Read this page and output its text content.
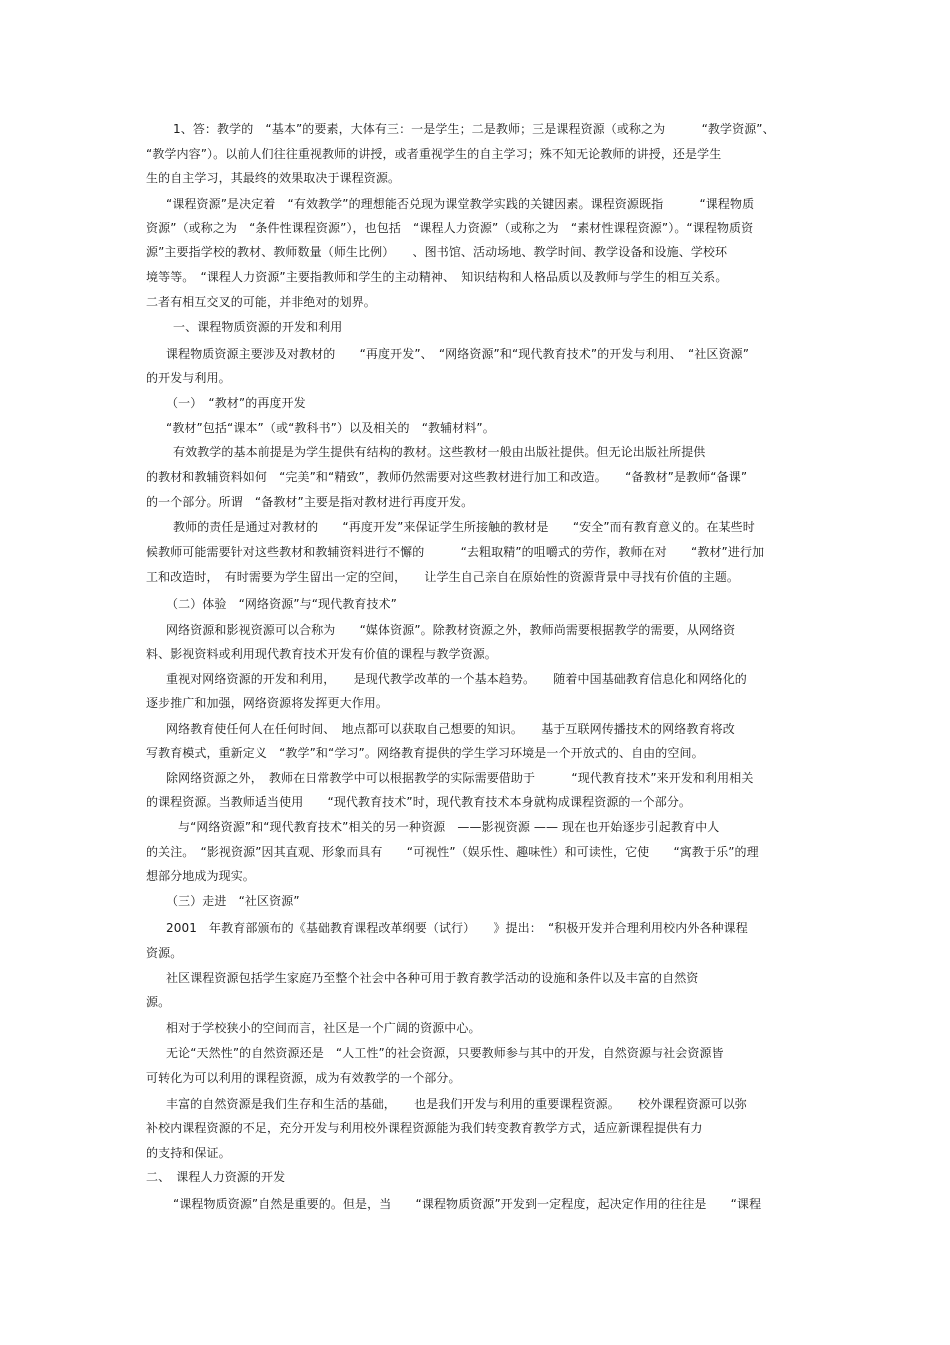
1、答：教学的　“基本”的要素，大体有三：一是学生；二是教师；三是课程资源（或称之为　　　“教学资源”、
“教学内容”）。以前人们往往重视教师的讲授，或者重视学生的自主学习；殊不知无论教师的讲授，还是学生
生的自主学习，其最终的效果取决于课程资源。
“课程资源”是决定着　“有效教学”的理想能否兑现为课堂教学实践的关键因素。课程资源既指　　　“课程物质
资源”（或称之为　“条件性课程资源”），也包括　“课程人力资源”（或称之为　“素材性课程资源”）。“课程物质资
源”主要指学校的教材、教师数量（师生比例）　　、图书馆、活动场地、教学时间、教学设备和设施、学校环
境等等。　“课程人力资源”主要指教师和学生的主动精神、　知识结构和人格品质以及教师与学生的相互关系。
二者有相互交叉的可能，并非绝对的划界。
一、课程物质资源的开发和利用
课程物质资源主要涉及对教材的　　“再度开发”、　“网络资源”和“现代教育技术”的开发与利用、　“社区资源”
的开发与利用。
（一）　“教材”的再度开发
“教材”包括“课本”（或“教科书”）以及相关的　“教辅材料”。
有效教学的基本前提是为学生提供有结构的教材。这些教材一般由出版社提供。但无论出版社所提供
的教材和教辅资料如何　“完美”和“精致”，教师仍然需要对这些教材进行加工和改造。　　“备教材”是教师“备课”
的一个部分。所谓　“备教材”主要是指对教材进行再度开发。
教师的责任是通过对教材的　　“再度开发”来保证学生所接触的教材是　　“安全”而有教育意义的。在某些时
候教师可能需要针对这些教材和教辅资料进行不懈的　　　“去粗取精”的咀嚼式的劳作，教师在对　　“教材”进行加
工和改造时，　有时需要为学生留出一定的空间，　　让学生自己亲自在原始性的资源背景中寻找有价值的主题。
（二）体验　“网络资源”与“现代教育技术”
网络资源和影视资源可以合称为　　“媒体资源”。除教材资源之外，教师尚需要根据教学的需要，从网络资
料、影视资料或利用现代教育技术开发有价值的课程与教学资源。
重视对网络资源的开发和利用，　　是现代教学改革的一个基本趋势。　　随着中国基础教育信息化和网络化的
逐步推广和加强，网络资源将发挥更大作用。
网络教育使任何人在任何时间、　地点都可以获取自己想要的知识。　　基于互联网传播技术的网络教育将改
写教育模式，重新定义　“教学”和“学习”。网络教育提供的学生学习环境是一个开放式的、自由的空间。
除网络资源之外，　教师在日常教学中可以根据教学的实际需要借助于　　　“现代教育技术”来开发和利用相关
的课程资源。当教师适当使用　　“现代教育技术”时，现代教育技术本身就构成课程资源的一个部分。
与“网络资源”和“现代教育技术”相关的另一种资源　——影视资源 —— 现在也开始逐步引起教育中人
的关注。　“影视资源”因其直观、形象而具有　　“可视性”（娱乐性、趣味性）和可读性，它使　　“寓教于乐”的理
想部分地成为现实。
（三）走进　“社区资源”
2001　年教育部颁布的《基础教育课程改革纲要（试行）　　》提出：　“积极开发并合理利用校内外各种课程
资源。
社区课程资源包括学生家庭乃至整个社会中各种可用于教育教学活动的设施和条件以及丰富的自然资
源。
相对于学校狭小的空间而言，社区是一个广阔的资源中心。
无论“天然性”的自然资源还是　“人工性”的社会资源，只要教师参与其中的开发，自然资源与社会资源皆
可转化为可以利用的课程资源，成为有效教学的一个部分。
丰富的自然资源是我们生存和生活的基础，　　也是我们开发与利用的重要课程资源。　　校外课程资源可以弥
补校内课程资源的不足，充分开发与利用校外课程资源能为我们转变教育教学方式，适应新课程提供有力
的支持和保证。
二、　课程人力资源的开发
“课程物质资源”自然是重要的。但是，当　　“课程物质资源”开发到一定程度，起决定作用的往往是　　“课程
